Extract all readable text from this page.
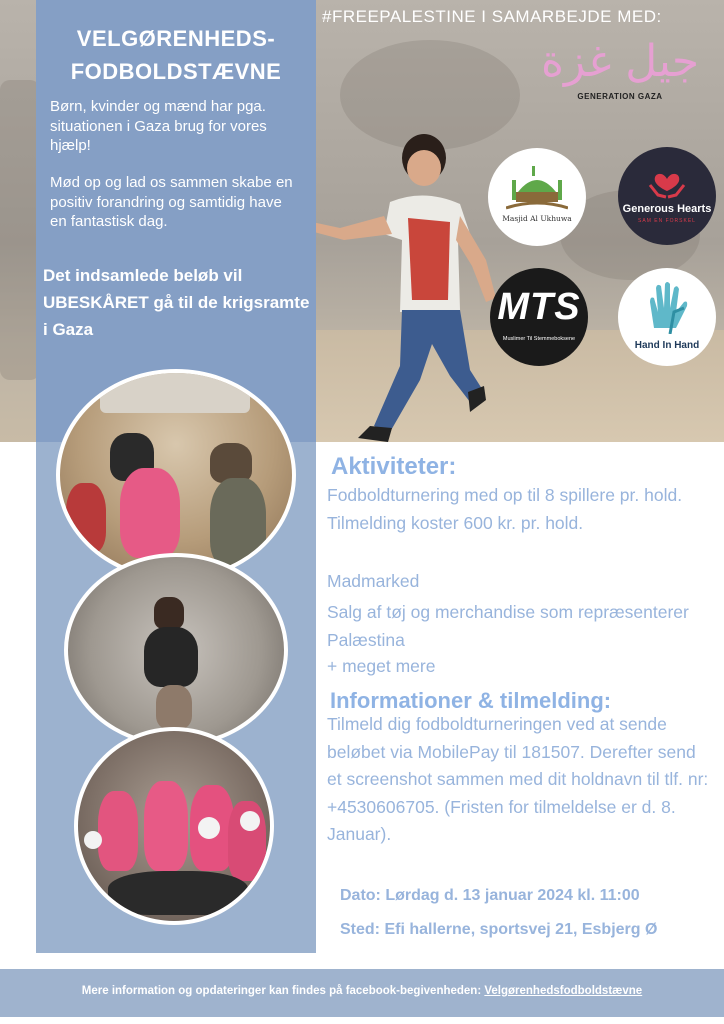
VELGØRENHEDS-
FODBOLDSTÆVNE

Børn, kvinder og mænd har pga. situationen i Gaza brug for vores hjælp!

Mød op og lad os sammen skabe en positiv forandring og samtidig have en fantastisk dag.

Det indsamlede beløb vil UBESKÅRET gå til de krigsramte i Gaza

#FREEPALESTINE I SAMARBEJDE MED:
جيل غزة
GENERATION GAZA
Masjid Al Ukhuwa
Generous Hearts
SAM EN FORSKEL
MTS
Muslimer Til Stemmeboksene
Hand In Hand
Aktiviteter:

Fodboldturnering med op til 8 spillere pr. hold. Tilmelding koster 600 kr. pr. hold.

Madmarked

Salg af tøj og merchandise som repræsenterer Palæstina

+ meget mere

Informationer & tilmelding:

Tilmeld dig fodboldturneringen ved at sende beløbet via MobilePay til 181507. Derefter send et screenshot sammen med dit holdnavn til tlf. nr: +4530606705. (Fristen for tilmeldelse er d. 8. Januar).

Dato: Lørdag d. 13 januar 2024 kl. 11:00
Sted: Efi hallerne, sportsvej 21, Esbjerg Ø
Mere information og opdateringer kan findes på facebook-begivenheden: Velgørenhedsfodboldstævne
